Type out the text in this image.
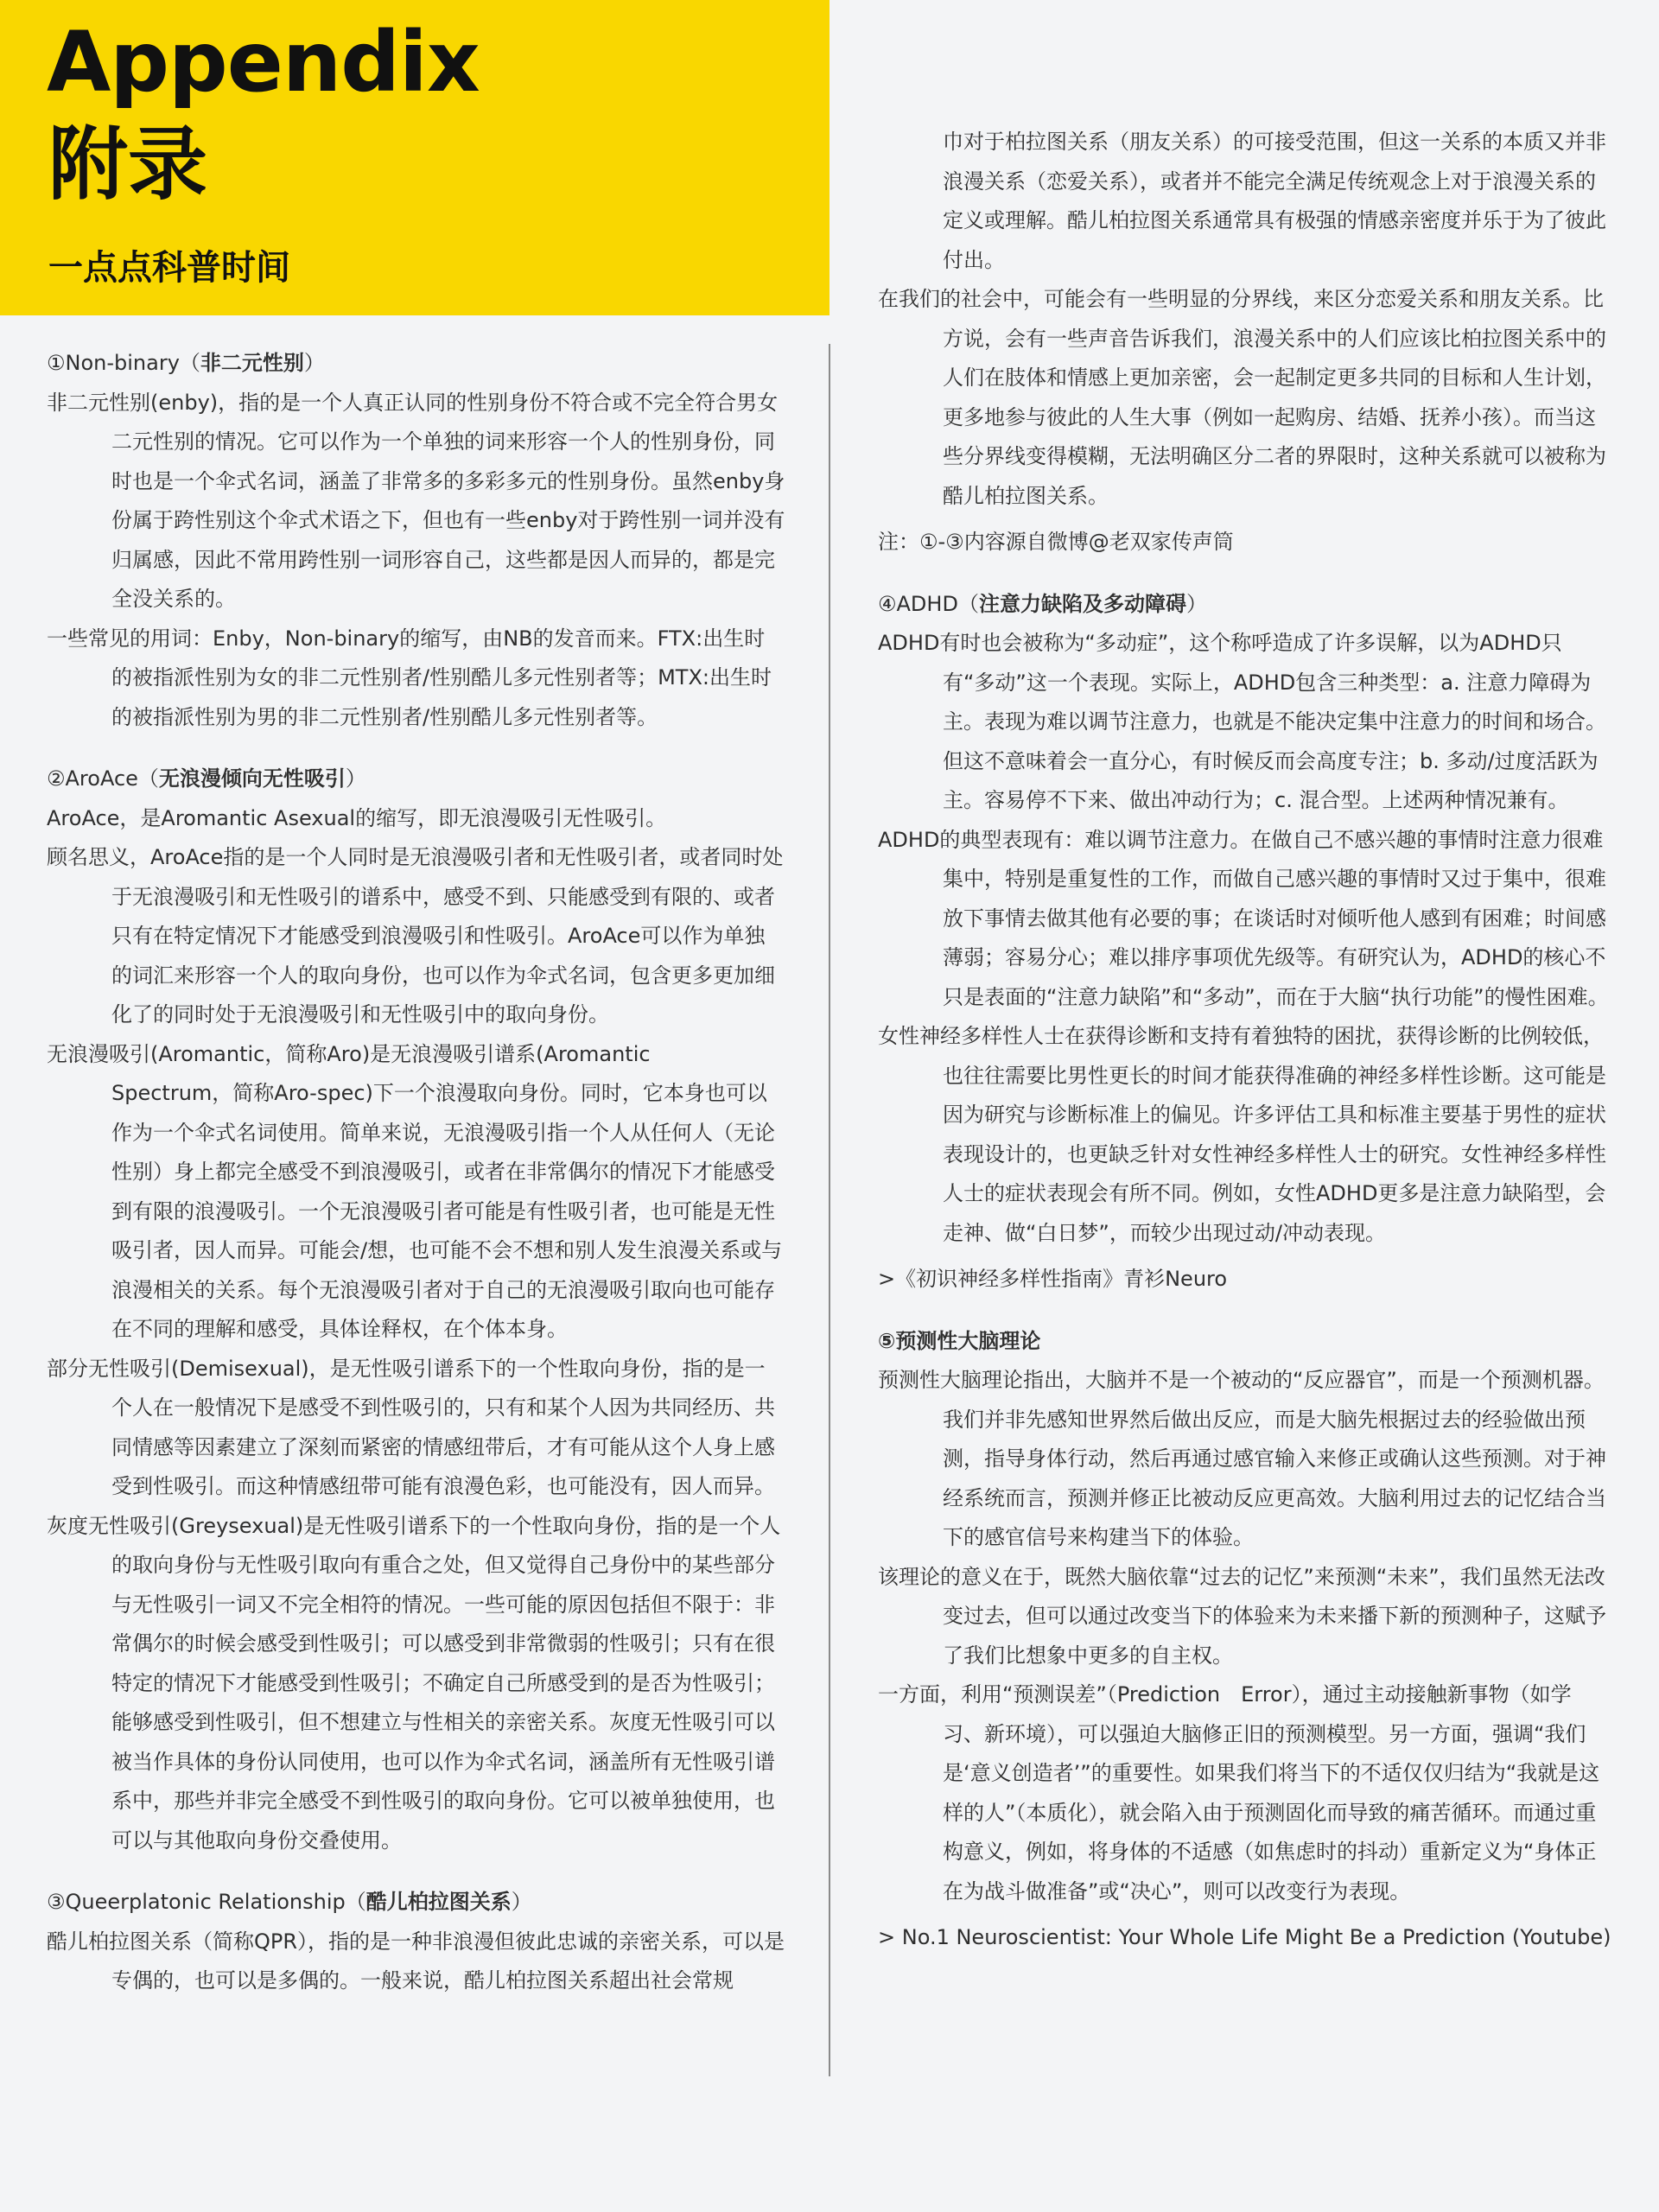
Appendix
附录
一点点科普时间
①Non-binary（非二元性别）

非二元性别(enby)，指的是一个人真正认同的性别身份不符合或不完全符合男女二元性别的情况。它可以作为一个单独的词来形容一个人的性别身份，同时也是一个伞式名词，涵盖了非常多的多彩多元的性别身份。虽然enby身份属于跨性别这个伞式术语之下，但也有一些enby对于跨性别一词并没有归属感，因此不常用跨性别一词形容自己，这些都是因人而异的，都是完全没关系的。

一些常见的用词：Enby，Non-binary的缩写，由NB的发音而来。FTX:出生时的被指派性别为女的非二元性别者/性别酷儿多元性别者等；MTX:出生时的被指派性别为男的非二元性别者/性别酷儿多元性别者等。

②AroAce（无浪漫倾向无性吸引）

AroAce，是Aromantic Asexual的缩写，即无浪漫吸引无性吸引。

顾名思义，AroAce指的是一个人同时是无浪漫吸引者和无性吸引者，或者同时处于无浪漫吸引和无性吸引的谱系中，感受不到、只能感受到有限的、或者只有在特定情况下才能感受到浪漫吸引和性吸引。AroAce可以作为单独的词汇来形容一个人的取向身份，也可以作为伞式名词，包含更多更加细化了的同时处于无浪漫吸引和无性吸引中的取向身份。

无浪漫吸引(Aromantic，简称Aro)是无浪漫吸引谱系(Aromantic　Spectrum，简称Aro-spec)下一个浪漫取向身份。同时，它本身也可以作为一个伞式名词使用。简单来说，无浪漫吸引指一个人从任何人（无论性别）身上都完全感受不到浪漫吸引，或者在非常偶尔的情况下才能感受到有限的浪漫吸引。一个无浪漫吸引者可能是有性吸引者，也可能是无性吸引者，因人而异。可能会/想，也可能不会不想和别人发生浪漫关系或与浪漫相关的关系。每个无浪漫吸引者对于自己的无浪漫吸引取向也可能存在不同的理解和感受，具体诠释权，在个体本身。

部分无性吸引(Demisexual)，是无性吸引谱系下的一个性取向身份，指的是一个人在一般情况下是感受不到性吸引的，只有和某个人因为共同经历、共同情感等因素建立了深刻而紧密的情感纽带后，才有可能从这个人身上感受到性吸引。而这种情感纽带可能有浪漫色彩，也可能没有，因人而异。

灰度无性吸引(Greysexual)是无性吸引谱系下的一个性取向身份，指的是一个人的取向身份与无性吸引取向有重合之处，但又觉得自己身份中的某些部分与无性吸引一词又不完全相符的情况。一些可能的原因包括但不限于：非常偶尔的时候会感受到性吸引；可以感受到非常微弱的性吸引；只有在很特定的情况下才能感受到性吸引；不确定自己所感受到的是否为性吸引；能够感受到性吸引，但不想建立与性相关的亲密关系。灰度无性吸引可以被当作具体的身份认同使用，也可以作为伞式名词，涵盖所有无性吸引谱系中，那些并非完全感受不到性吸引的取向身份。它可以被单独使用，也可以与其他取向身份交叠使用。

③Queerplatonic Relationship（酷儿柏拉图关系）

酷儿柏拉图关系（简称QPR），指的是一种非浪漫但彼此忠诚的亲密关系，可以是专偶的，也可以是多偶的。一般来说，酷儿柏拉图关系超出社会常规

巾对于柏拉图关系（朋友关系）的可接受范围，但这一关系的本质又并非浪漫关系（恋爱关系），或者并不能完全满足传统观念上对于浪漫关系的定义或理解。酷儿柏拉图关系通常具有极强的情感亲密度并乐于为了彼此付出。

在我们的社会中，可能会有一些明显的分界线，来区分恋爱关系和朋友关系。比方说，会有一些声音告诉我们，浪漫关系中的人们应该比柏拉图关系中的人们在肢体和情感上更加亲密，会一起制定更多共同的目标和人生计划，更多地参与彼此的人生大事（例如一起购房、结婚、抚养小孩）。而当这些分界线变得模糊，无法明确区分二者的界限时，这种关系就可以被称为酷儿柏拉图关系。

注：①-③内容源自微博@老双家传声筒

④ADHD（注意力缺陷及多动障碍）

ADHD有时也会被称为“多动症”，这个称呼造成了许多误解，以为ADHD只有“多动”这一个表现。实际上，ADHD包含三种类型：a. 注意力障碍为主。表现为难以调节注意力，也就是不能决定集中注意力的时间和场合。但这不意味着会一直分心，有时候反而会高度专注；b. 多动/过度活跃为主。容易停不下来、做出冲动行为；c. 混合型。上述两种情况兼有。

ADHD的典型表现有：难以调节注意力。在做自己不感兴趣的事情时注意力很难集中，特别是重复性的工作，而做自己感兴趣的事情时又过于集中，很难放下事情去做其他有必要的事；在谈话时对倾听他人感到有困难；时间感薄弱；容易分心；难以排序事项优先级等。有研究认为，ADHD的核心不只是表面的“注意力缺陷”和“多动”，而在于大脑“执行功能”的慢性困难。

女性神经多样性人士在获得诊断和支持有着独特的困扰，获得诊断的比例较低，也往往需要比男性更长的时间才能获得准确的神经多样性诊断。这可能是因为研究与诊断标准上的偏见。许多评估工具和标准主要基于男性的症状表现设计的，也更缺乏针对女性神经多样性人士的研究。女性神经多样性人士的症状表现会有所不同。例如，女性ADHD更多是注意力缺陷型，会走神、做“白日梦”，而较少出现过动/冲动表现。

>《初识神经多样性指南》青衫Neuro

⑤预测性大脑理论

预测性大脑理论指出，大脑并不是一个被动的“反应器官”，而是一个预测机器。我们并非先感知世界然后做出反应，而是大脑先根据过去的经验做出预测，指导身体行动，然后再通过感官输入来修正或确认这些预测。对于神经系统而言，预测并修正比被动反应更高效。大脑利用过去的记忆结合当下的感官信号来构建当下的体验。

该理论的意义在于，既然大脑依靠“过去的记忆”来预测“未来”，我们虽然无法改变过去，但可以通过改变当下的体验来为未来播下新的预测种子，这赋予了我们比想象中更多的自主权。

一方面，利用“预测误差”（Prediction　Error），通过主动接触新事物（如学习、新环境），可以强迫大脑修正旧的预测模型。另一方面，强调“我们是‘意义创造者’”的重要性。如果我们将当下的不适仅仅归结为“我就是这样的人”（本质化），就会陷入由于预测固化而导致的痛苦循环。而通过重构意义，例如，将身体的不适感（如焦虑时的抖动）重新定义为“身体正在为战斗做准备”或“决心”，则可以改变行为表现。

> No.1 Neuroscientist: Your Whole Life Might Be a Prediction (Youtube)
